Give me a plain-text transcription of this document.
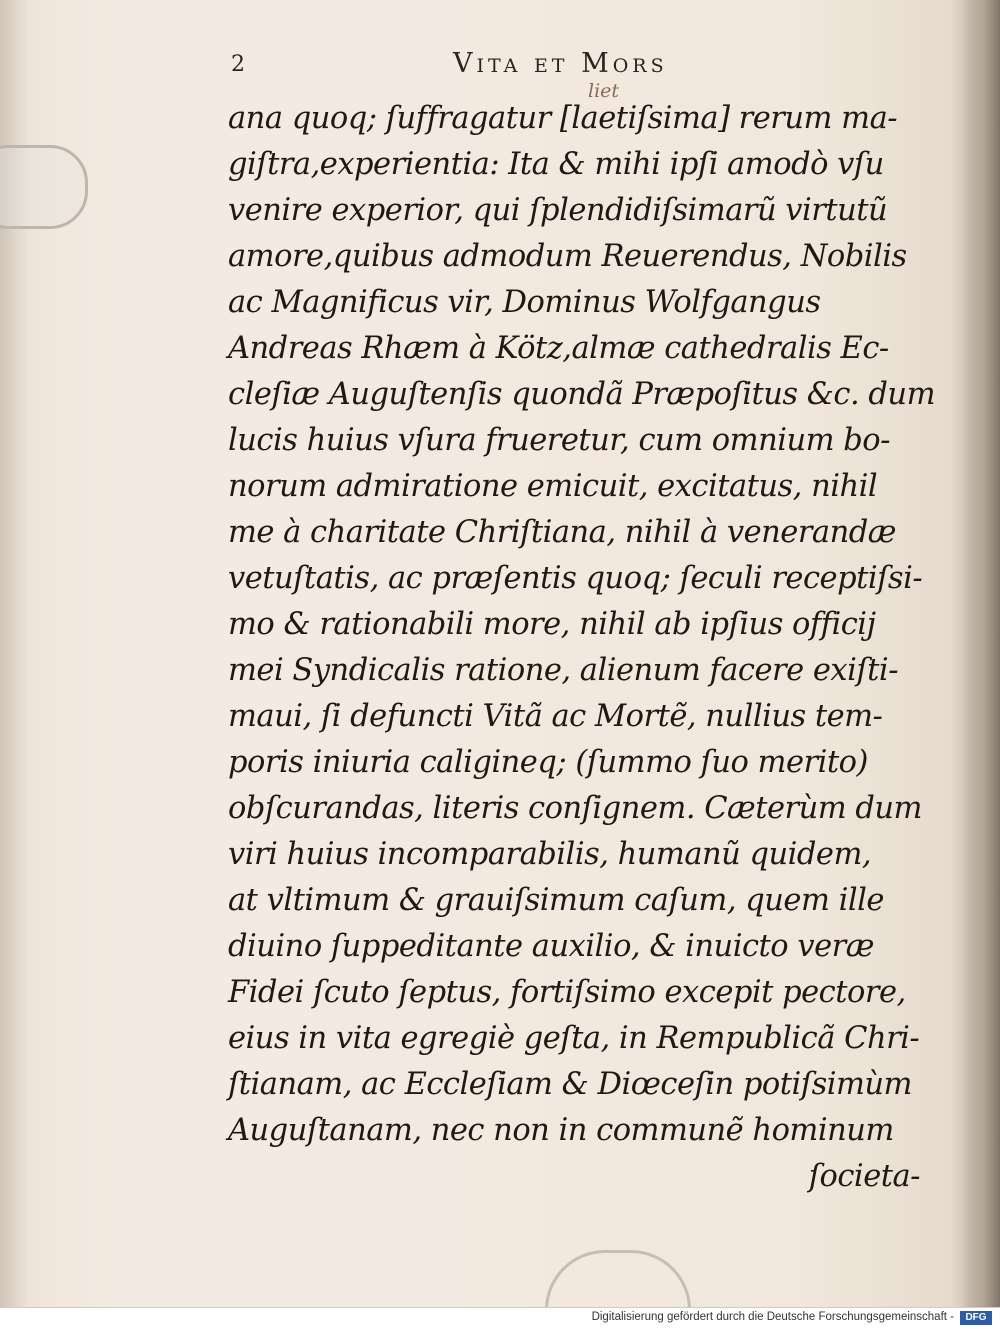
2	Vita et Mors
liet
ana quoq; ſuffragatur [laetiſsima] rerum ma-
giſtra,experientia: Ita & mihi ipſi amodò vſu
venire experior, qui ſplendidiſsimarũ virtutũ
amore,quibus admodum Reuerendus, Nobilis
ac Magnificus vir, Dominus Wolfgangus
Andreas Rhæm à Kötz,almæ cathedralis Ec-
cleſiæ Auguſtenſis quondã Præpoſitus &c. dum
lucis huius vſura frueretur, cum omnium bo-
norum admiratione emicuit, excitatus, nihil
me à charitate Chriſtiana, nihil à venerandæ
vetuſtatis, ac præſentis quoq; ſeculi receptiſsi-
mo & rationabili more, nihil ab ipſius officij
mei Syndicalis ratione, alienum facere exiſti-
maui, ſi defuncti Vitã ac Mortẽ, nullius tem-
poris iniuria caligineq; (ſummo ſuo merito)
obſcurandas, literis conſignem. Cæterùm dum
viri huius incomparabilis, humanũ quidem,
at vltimum & grauiſsimum caſum, quem ille
diuino ſuppeditante auxilio, & inuicto veræ
Fidei ſcuto ſeptus, fortiſsimo excepit pectore,
eius in vita egregiè geſta, in Rempublicã Chri-
ſtianam, ac Eccleſiam & Diœceſin potiſsimùm
Auguſtanam, nec non in communẽ hominum
ſocieta-
Digitalisierung gefördert durch die Deutsche Forschungsgemeinschaft -	DFG
